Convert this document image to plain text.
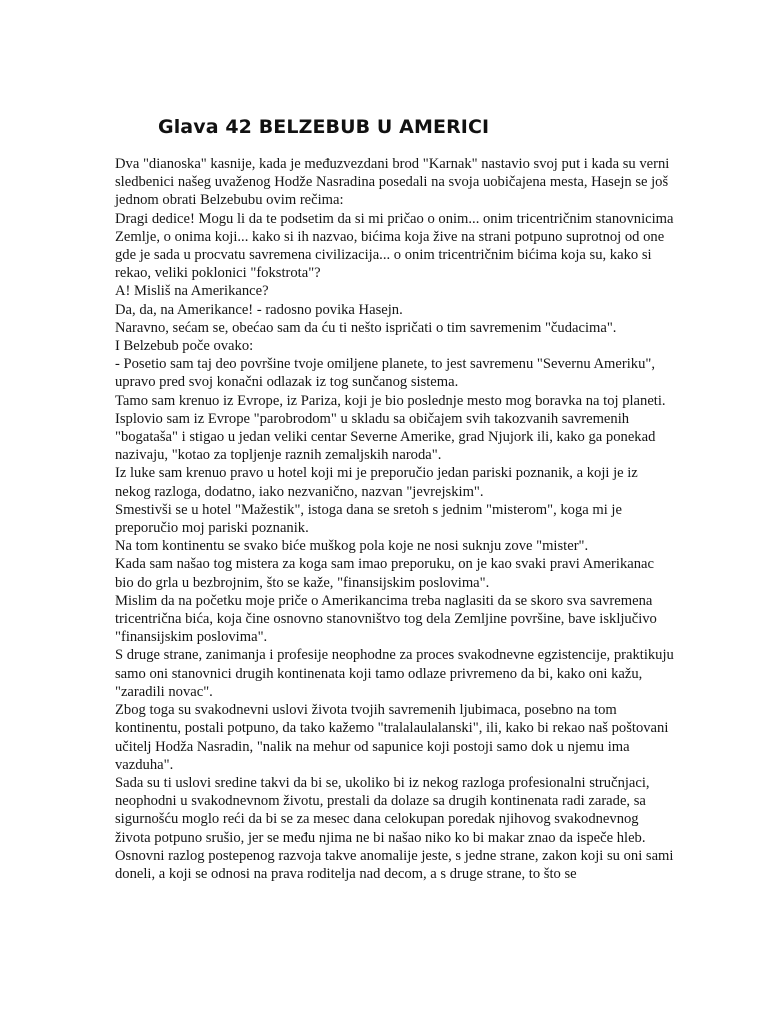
Glava 42 BELZEBUB U AMERICI

Dva "dianoska" kasnije, kada je međuzvezdani brod "Karnak" nastavio svoj put i kada su verni sledbenici našeg uvaženog Hodže Nasradina posedali na svoja uobičajena mesta, Hasejn se još jednom obrati Belzebubu ovim rečima:

Dragi dedice! Mogu li da te podsetim da si mi pričao o onim... onim tricentričnim stanovnicima Zemlje, o onima koji... kako si ih nazvao, bićima koja žive na strani potpuno suprotnoj od one gde je sada u procvatu savremena civilizacija... o onim tricentričnim bićima koja su, kako si rekao, veliki poklonici "fokstrota"?

A! Misliš na Amerikance?

Da, da, na Amerikance! - radosno povika Hasejn.

Naravno, sećam se, obećao sam da ću ti nešto ispričati o tim savremenim "čudacima".

I Belzebub poče ovako:

- Posetio sam taj deo površine tvoje omiljene planete, to jest savremenu "Severnu Ameriku", upravo pred svoj konačni odlazak iz tog sunčanog sistema.

Tamo sam krenuo iz Evrope, iz Pariza, koji je bio poslednje mesto mog boravka na toj planeti.

Isplovio sam iz Evrope "parobrodom" u skladu sa običajem svih takozvanih savremenih "bogataša" i stigao u jedan veliki centar Severne Amerike, grad Njujork ili, kako ga ponekad nazivaju, "kotao za topljenje raznih zemaljskih naroda".

Iz luke sam krenuo pravo u hotel koji mi je preporučio jedan pariski poznanik, a koji je iz nekog razloga, dodatno, iako nezvanično, nazvan "jevrejskim".

Smestivši se u hotel "Mažestik", istoga dana se sretoh s jednim "misterom", koga mi je preporučio moj pariski poznanik.

Na tom kontinentu se svako biće muškog pola koje ne nosi suknju zove "mister".

Kada sam našao tog mistera za koga sam imao preporuku, on je kao svaki pravi Amerikanac bio do grla u bezbrojnim, što se kaže, "finansijskim poslovima".

Mislim da na početku moje priče o Amerikancima treba naglasiti da se skoro sva savremena tricentrična bića, koja čine osnovno stanovništvo tog dela Zemljine površine, bave isključivo "finansijskim poslovima".

S druge strane, zanimanja i profesije neophodne za proces svakodnevne egzistencije, praktikuju samo oni stanovnici drugih kontinenata koji tamo odlaze privremeno da bi, kako oni kažu, "zaradili novac".

Zbog toga su svakodnevni uslovi života tvojih savremenih ljubimaca, posebno na tom kontinentu, postali potpuno, da tako kažemo "tralalaulalanski", ili, kako bi rekao naš poštovani učitelj Hodža Nasradin, "nalik na mehur od sapunice koji postoji samo dok u njemu ima vazduha".

Sada su ti uslovi sredine takvi da bi se, ukoliko bi iz nekog razloga profesionalni stručnjaci, neophodni u svakodnevnom životu, prestali da dolaze sa drugih kontinenata radi zarade, sa sigurnošću moglo reći da bi se za mesec dana celokupan poredak njihovog svakodnevnog života potpuno srušio, jer se među njima ne bi našao niko ko bi makar znao da ispeče hleb.

Osnovni razlog postepenog razvoja takve anomalije jeste, s jedne strane, zakon koji su oni sami doneli, a koji se odnosi na prava roditelja nad decom, a s druge strane, to što se
